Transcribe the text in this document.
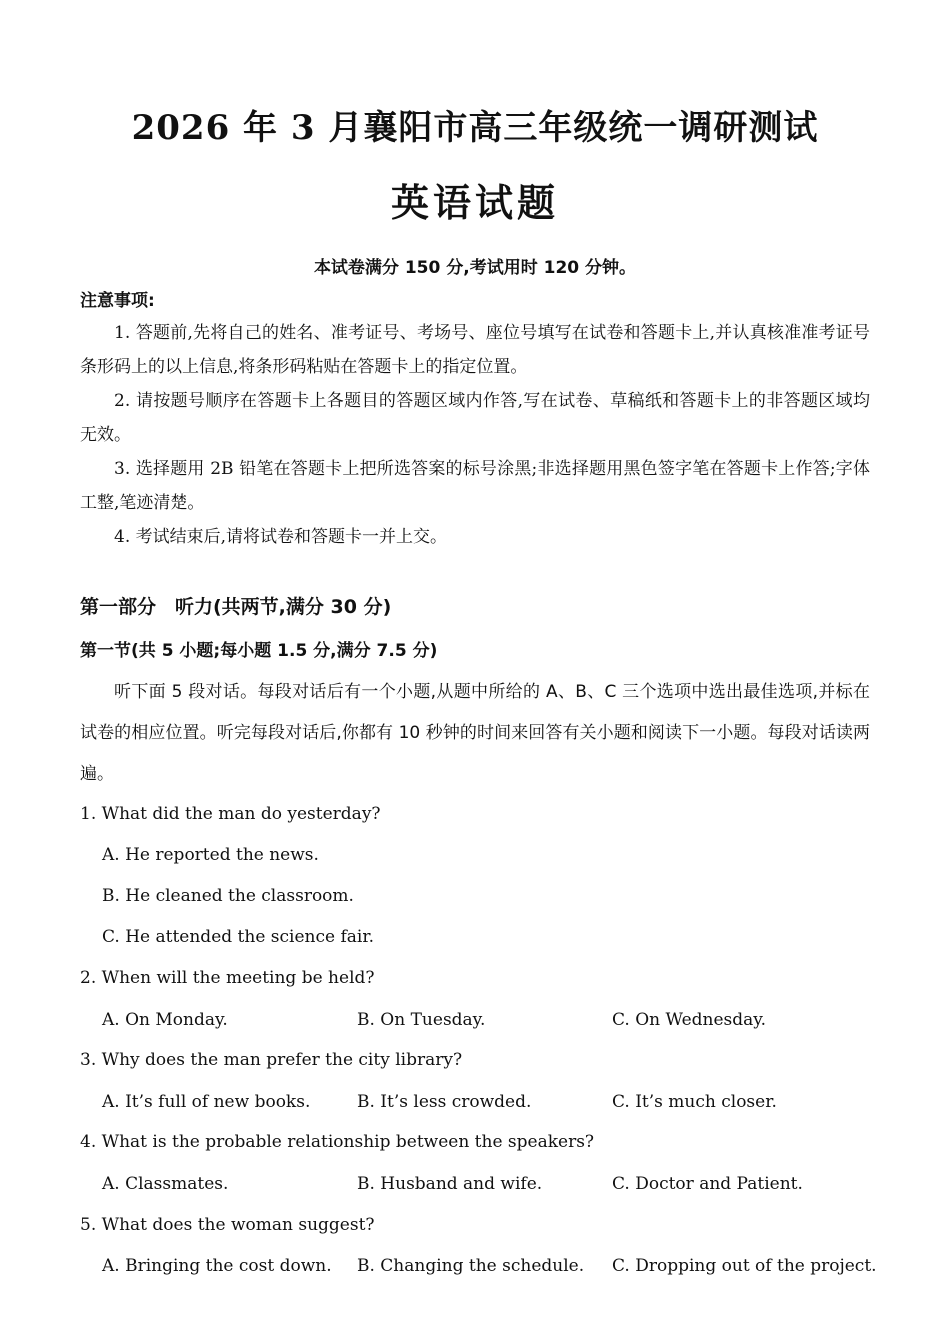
2026 年 3 月襄阳市高三年级统一调研测试
英语试题
本试卷满分 150 分,考试用时 120 分钟。
注意事项:

1. 答题前,先将自己的姓名、准考证号、考场号、座位号填写在试卷和答题卡上,并认真核准准考证号条形码上的以上信息,将条形码粘贴在答题卡上的指定位置。

2. 请按题号顺序在答题卡上各题目的答题区域内作答,写在试卷、草稿纸和答题卡上的非答题区域均无效。

3. 选择题用 2B 铅笔在答题卡上把所选答案的标号涂黑;非选择题用黑色签字笔在答题卡上作答;字体工整,笔迹清楚。

4. 考试结束后,请将试卷和答题卡一并上交。

第一部分　听力(共两节,满分 30 分)
第一节(共 5 小题;每小题 1.5 分,满分 7.5 分)
听下面 5 段对话。每段对话后有一个小题,从题中所给的 A、B、C 三个选项中选出最佳选项,并标在试卷的相应位置。听完每段对话后,你都有 10 秒钟的时间来回答有关小题和阅读下一小题。每段对话读两遍。
1. What did the man do yesterday?
A. He reported the news.
B. He cleaned the classroom.
C. He attended the science fair.
2. When will the meeting be held?
A. On Monday.	B. On Tuesday.	C. On Wednesday.
3. Why does the man prefer the city library?
A. It’s full of new books.	B. It’s less crowded.	C. It’s much closer.
4. What is the probable relationship between the speakers?
A. Classmates.	B. Husband and wife.	C. Doctor and Patient.
5. What does the woman suggest?
A. Bringing the cost down. B. Changing the schedule. C. Dropping out of the project.
